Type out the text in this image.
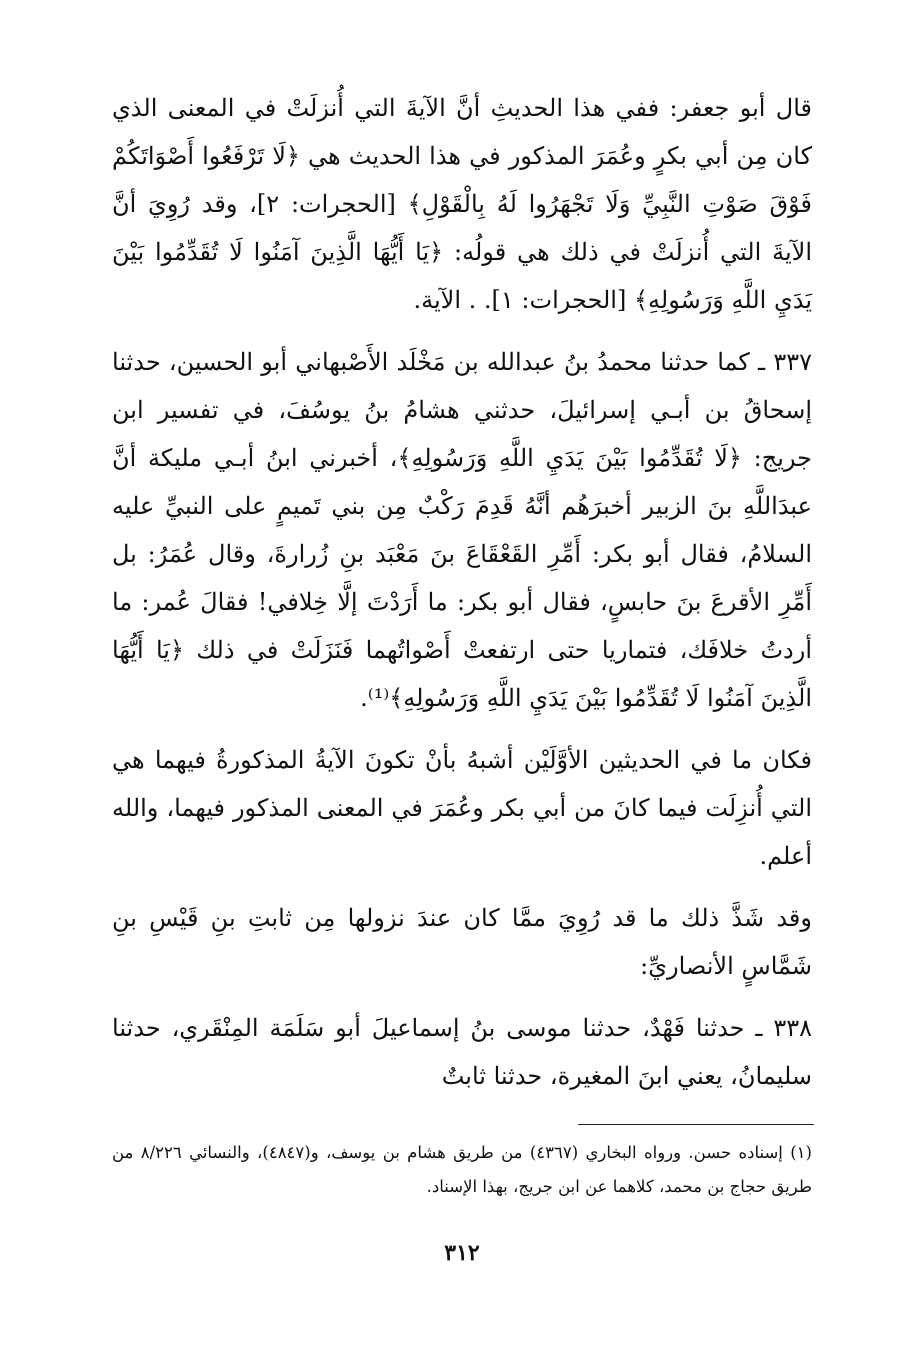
قال أبو جعفر: ففي هذا الحديثِ أنَّ الآيةَ التي أُنزلَتْ في المعنى الذي كان مِن أبي بكرٍ وعُمَرَ المذكور في هذا الحديث هي ﴿لَا تَرْفَعُوا أَصْوَاتَكُمْ فَوْقَ صَوْتِ النَّبِيِّ وَلَا تَجْهَرُوا لَهُ بِالْقَوْلِ﴾ [الحجرات: ٢]، وقد رُوِيَ أنَّ الآيةَ التي أُنزلَتْ في ذلك هي قولُه: ﴿يَا أَيُّهَا الَّذِينَ آمَنُوا لَا تُقَدِّمُوا بَيْنَ يَدَيِ اللَّهِ وَرَسُولِهِ﴾ [الحجرات: ١]. . الآية.

٣٣٧ ـ كما حدثنا محمدُ بنُ عبدالله بن مَخْلَد الأَصْبهاني أبو الحسين، حدثنا إسحاقُ بن أبـي إسرائيلَ، حدثني هشامُ بنُ يوسُفَ، في تفسير ابن جريج: ﴿لَا تُقَدِّمُوا بَيْنَ يَدَيِ اللَّهِ وَرَسُولِهِ﴾، أخبرني ابنُ أبـي مليكة أنَّ عبدَاللَّهِ بنَ الزبير أخبرَهُم أنَّهُ قَدِمَ رَكْبٌ مِن بني تَميمٍ على النبيِّ عليه السلامُ، فقال أبو بكر: أَمِّرِ القَعْقَاعَ بنَ مَعْبَد بنِ زُرارةَ، وقال عُمَرُ: بل أَمِّرِ الأقرعَ بنَ حابسٍ، فقال أبو بكر: ما أَرَدْتَ إلَّا خِلافي! فقالَ عُمر: ما أردتُ خلافَك، فتماريا حتى ارتفعتْ أَصْواتُهما فَنَزَلَتْ في ذلك ﴿يَا أَيُّهَا الَّذِينَ آمَنُوا لَا تُقَدِّمُوا بَيْنَ يَدَيِ اللَّهِ وَرَسُولِهِ﴾⁽¹⁾.

فكان ما في الحديثين الأوَّلَيْن أشبهُ بأنْ تكونَ الآيةُ المذكورةُ فيهما هي التي أُنزِلَت فيما كانَ من أبي بكر وعُمَرَ في المعنى المذكور فيهما، والله أعلم.

وقد شَذَّ ذلك ما قد رُوِيَ ممَّا كان عندَ نزولها مِن ثابتِ بنِ قَيْسِ بنِ شَمَّاسٍ الأنصاريِّ:

٣٣٨ ـ حدثنا فَهْدٌ، حدثنا موسى بنُ إسماعيلَ أبو سَلَمَة المِنْقَري، حدثنا سليمانُ، يعني ابنَ المغيرة، حدثنا ثابتٌ

(١) إسناده حسن. ورواه البخاري (٤٣٦٧) من طريق هشام بن يوسف، و(٤٨٤٧)، والنسائي ٨/٢٢٦ من طريق حجاج بن محمد، كلاهما عن ابن جريج، بهذا الإسناد.

٣١٢
